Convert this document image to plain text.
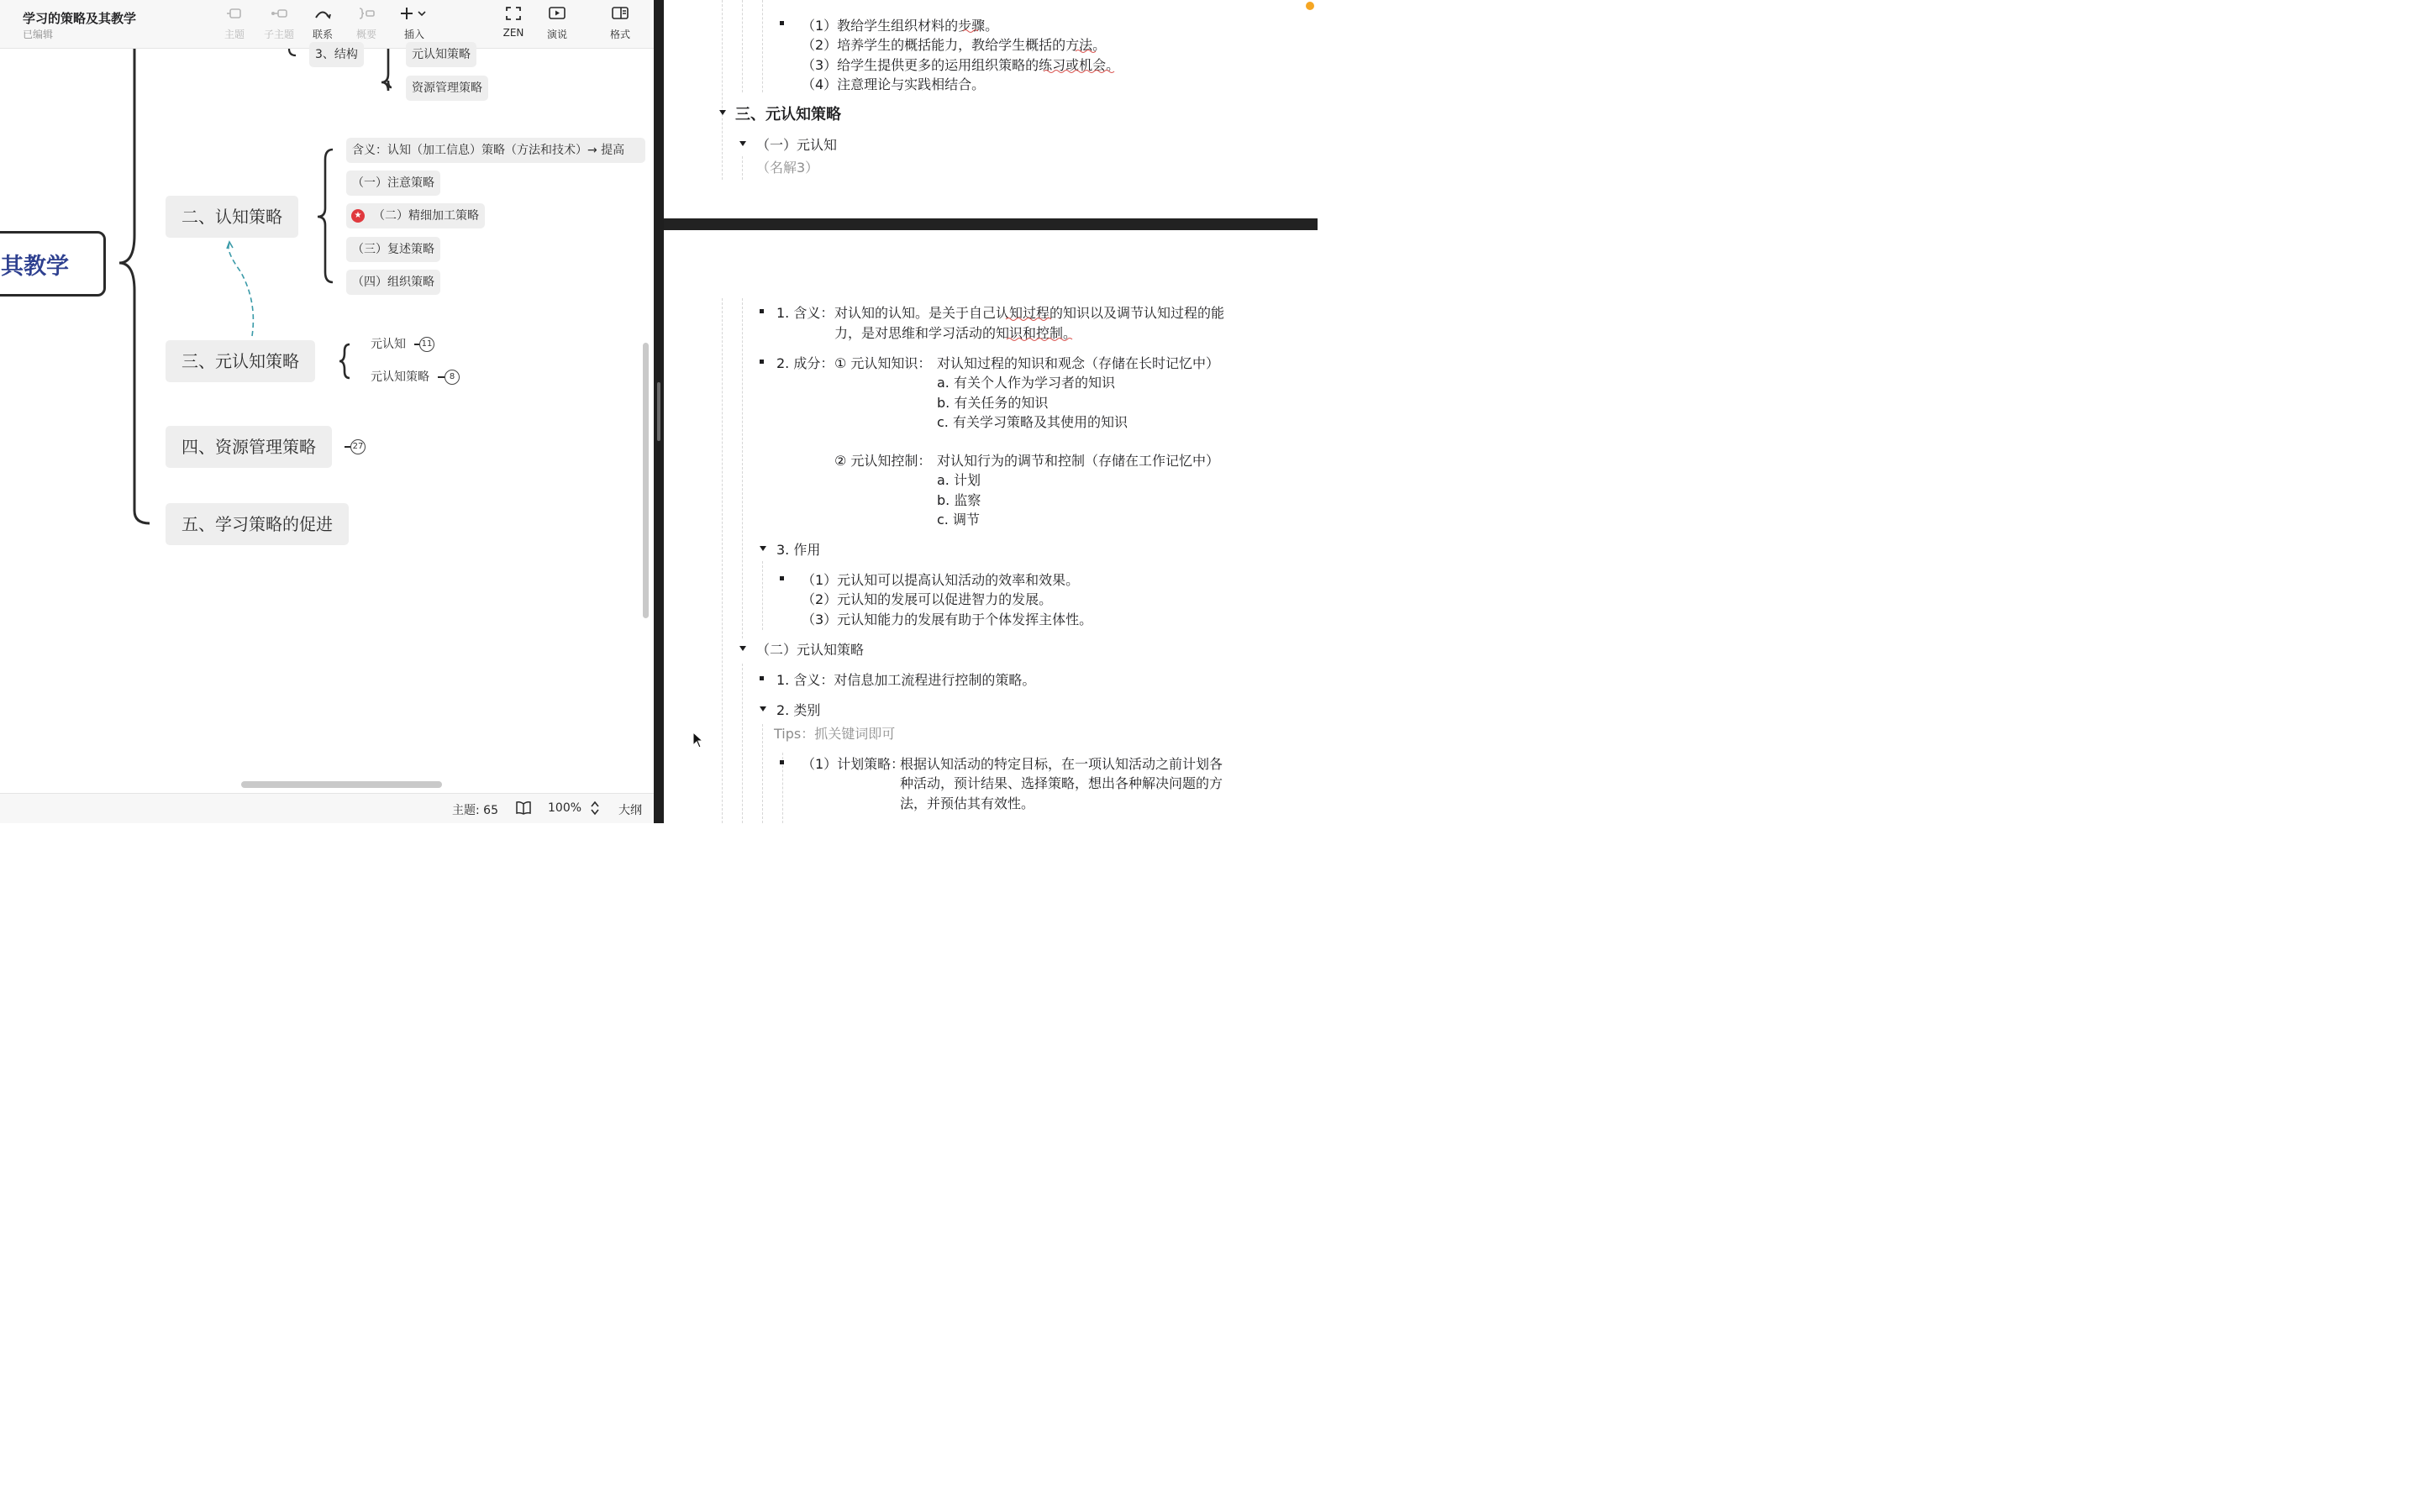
学习的策略及其教学
已编辑	主题	子主题	联系	概要	插入	ZEN	演说	格式
其教学
3、结构	元认知策略
资源管理策略
二、认知策略
含义：认知（加工信息）策略（方法和技术）→ 提高
（一）注意策略
★ （二）精细加工策略
（三）复述策略
（四）组织策略
三、元认知策略
元认知	11
元认知策略	8
四、资源管理策略	27
五、学习策略的促进
主题: 65	100%	大纲
（1）教给学生组织材料的步骤。
（2）培养学生的概括能力，教给学生概括的方法。
（3）给学生提供更多的运用组织策略的练习或机会。
（4）注意理论与实践相结合。
三、元认知策略
（一）元认知
（名解3）
1. 含义： 对认知的认知。是关于自己认知过程的知识以及调节认知过程的能
力，是对思维和学习活动的知识和控制。
2. 成分： ① 元认知知识： 对认知过程的知识和观念（存储在长时记忆中）
a. 有关个人作为学习者的知识
b. 有关任务的知识
c. 有关学习策略及其使用的知识
② 元认知控制： 对认知行为的调节和控制（存储在工作记忆中）
a. 计划
b. 监察
c. 调节
3. 作用
（1）元认知可以提高认知活动的效率和效果。
（2）元认知的发展可以促进智力的发展。
（3）元认知能力的发展有助于个体发挥主体性。
（二）元认知策略
1. 含义：对信息加工流程进行控制的策略。
2. 类别
Tips：抓关键词即可
（1）计划策略：
根据认知活动的特定目标，在一项认知活动之前计划各
种活动，预计结果、选择策略，想出各种解决问题的方
法，并预估其有效性。
